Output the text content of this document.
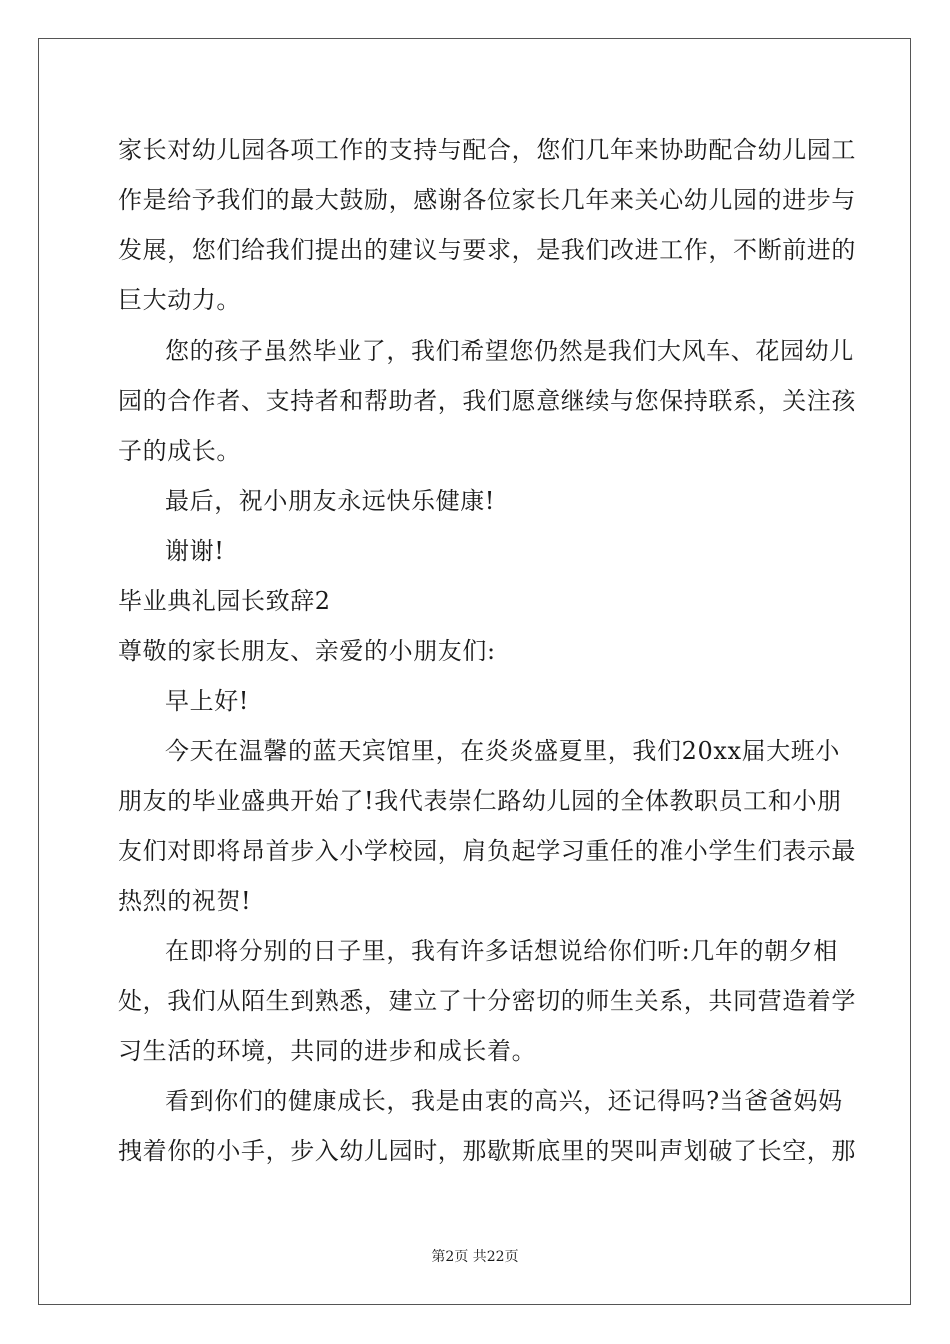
家长对幼儿园各项工作的支持与配合，您们几年来协助配合幼儿园工
作是给予我们的最大鼓励，感谢各位家长几年来关心幼儿园的进步与
发展，您们给我们提出的建议与要求，是我们改进工作，不断前进的
巨大动力。
您的孩子虽然毕业了，我们希望您仍然是我们大风车、花园幼儿
园的合作者、支持者和帮助者，我们愿意继续与您保持联系，关注孩
子的成长。
最后，祝小朋友永远快乐健康!
谢谢!
毕业典礼园长致辞2
尊敬的家长朋友、亲爱的小朋友们:
早上好!
今天在温馨的蓝天宾馆里，在炎炎盛夏里，我们20xx届大班小
朋友的毕业盛典开始了!我代表崇仁路幼儿园的全体教职员工和小朋
友们对即将昂首步入小学校园，肩负起学习重任的准小学生们表示最
热烈的祝贺!
在即将分别的日子里，我有许多话想说给你们听:几年的朝夕相
处，我们从陌生到熟悉，建立了十分密切的师生关系，共同营造着学
习生活的环境，共同的进步和成长着。
看到你们的健康成长，我是由衷的高兴，还记得吗?当爸爸妈妈
拽着你的小手，步入幼儿园时，那歇斯底里的哭叫声划破了长空，那
第2页 共22页
